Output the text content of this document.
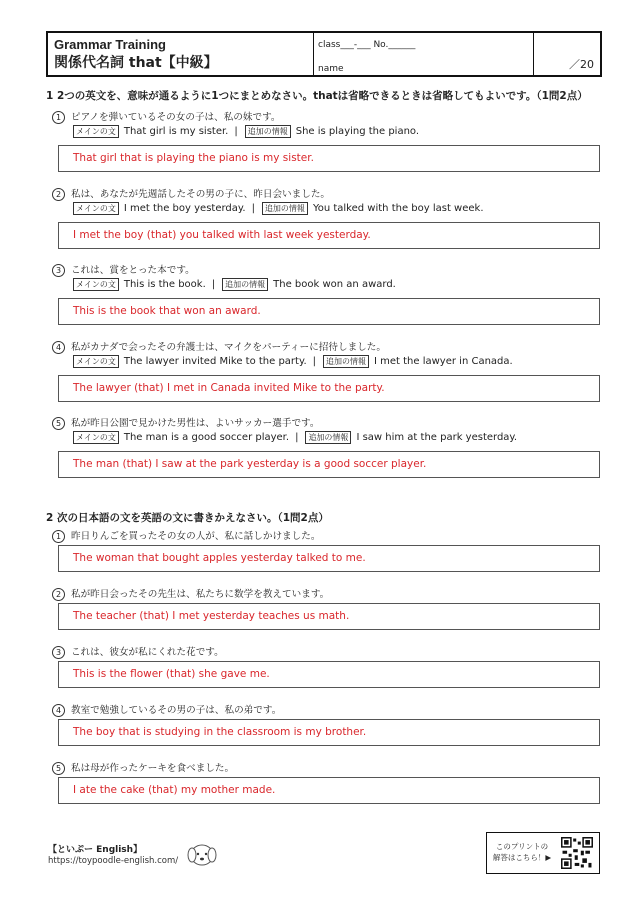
Grammar Training
関係代名詞 that【中級】
class___-___ No.______
name	／20
1 2つの英文を、意味が通るように1つにまとめなさい。thatは省略できるときは省略してもよいです。（1問2点）
1 ピアノを弾いているその女の子は、私の妹です。
メインの文 That girl is my sister. |	追加の情報 She is playing the piano.
That girl that is playing the piano is my sister.
2 私は、あなたが先週話したその男の子に、昨日会いました。
メインの文 I met the boy yesterday. |	追加の情報 You talked with the boy last week.
I met the boy (that) you talked with last week yesterday.
3 これは、賞をとった本です。
メインの文 This is the book. |	追加の情報 The book won an award.
This is the book that won an award.
4 私がカナダで会ったその弁護士は、マイクをパーティーに招待しました。
メインの文 The lawyer invited Mike to the party. |	追加の情報 I met the lawyer in Canada.
The lawyer (that) I met in Canada invited Mike to the party.
5 私が昨日公園で見かけた男性は、よいサッカー選手です。
メインの文 The man is a good soccer player. |	追加の情報 I saw him at the park yesterday.
The man (that) I saw at the park yesterday is a good soccer player.
2 次の日本語の文を英語の文に書きかえなさい。（1問2点）
1 昨日りんごを買ったその女の人が、私に話しかけました。
The woman that bought apples yesterday talked to me.
2 私が昨日会ったその先生は、私たちに数学を教えています。
The teacher (that) I met yesterday teaches us math.
3 これは、彼女が私にくれた花です。
This is the flower (that) she gave me.
4 教室で勉強しているその男の子は、私の弟です。
The boy that is studying in the classroom is my brother.
5 私は母が作ったケーキを食べました。
I ate the cake (that) my mother made.
【といぷー English】
https://toypoodle-english.com/
このプリントの
解答はこちら！▶
